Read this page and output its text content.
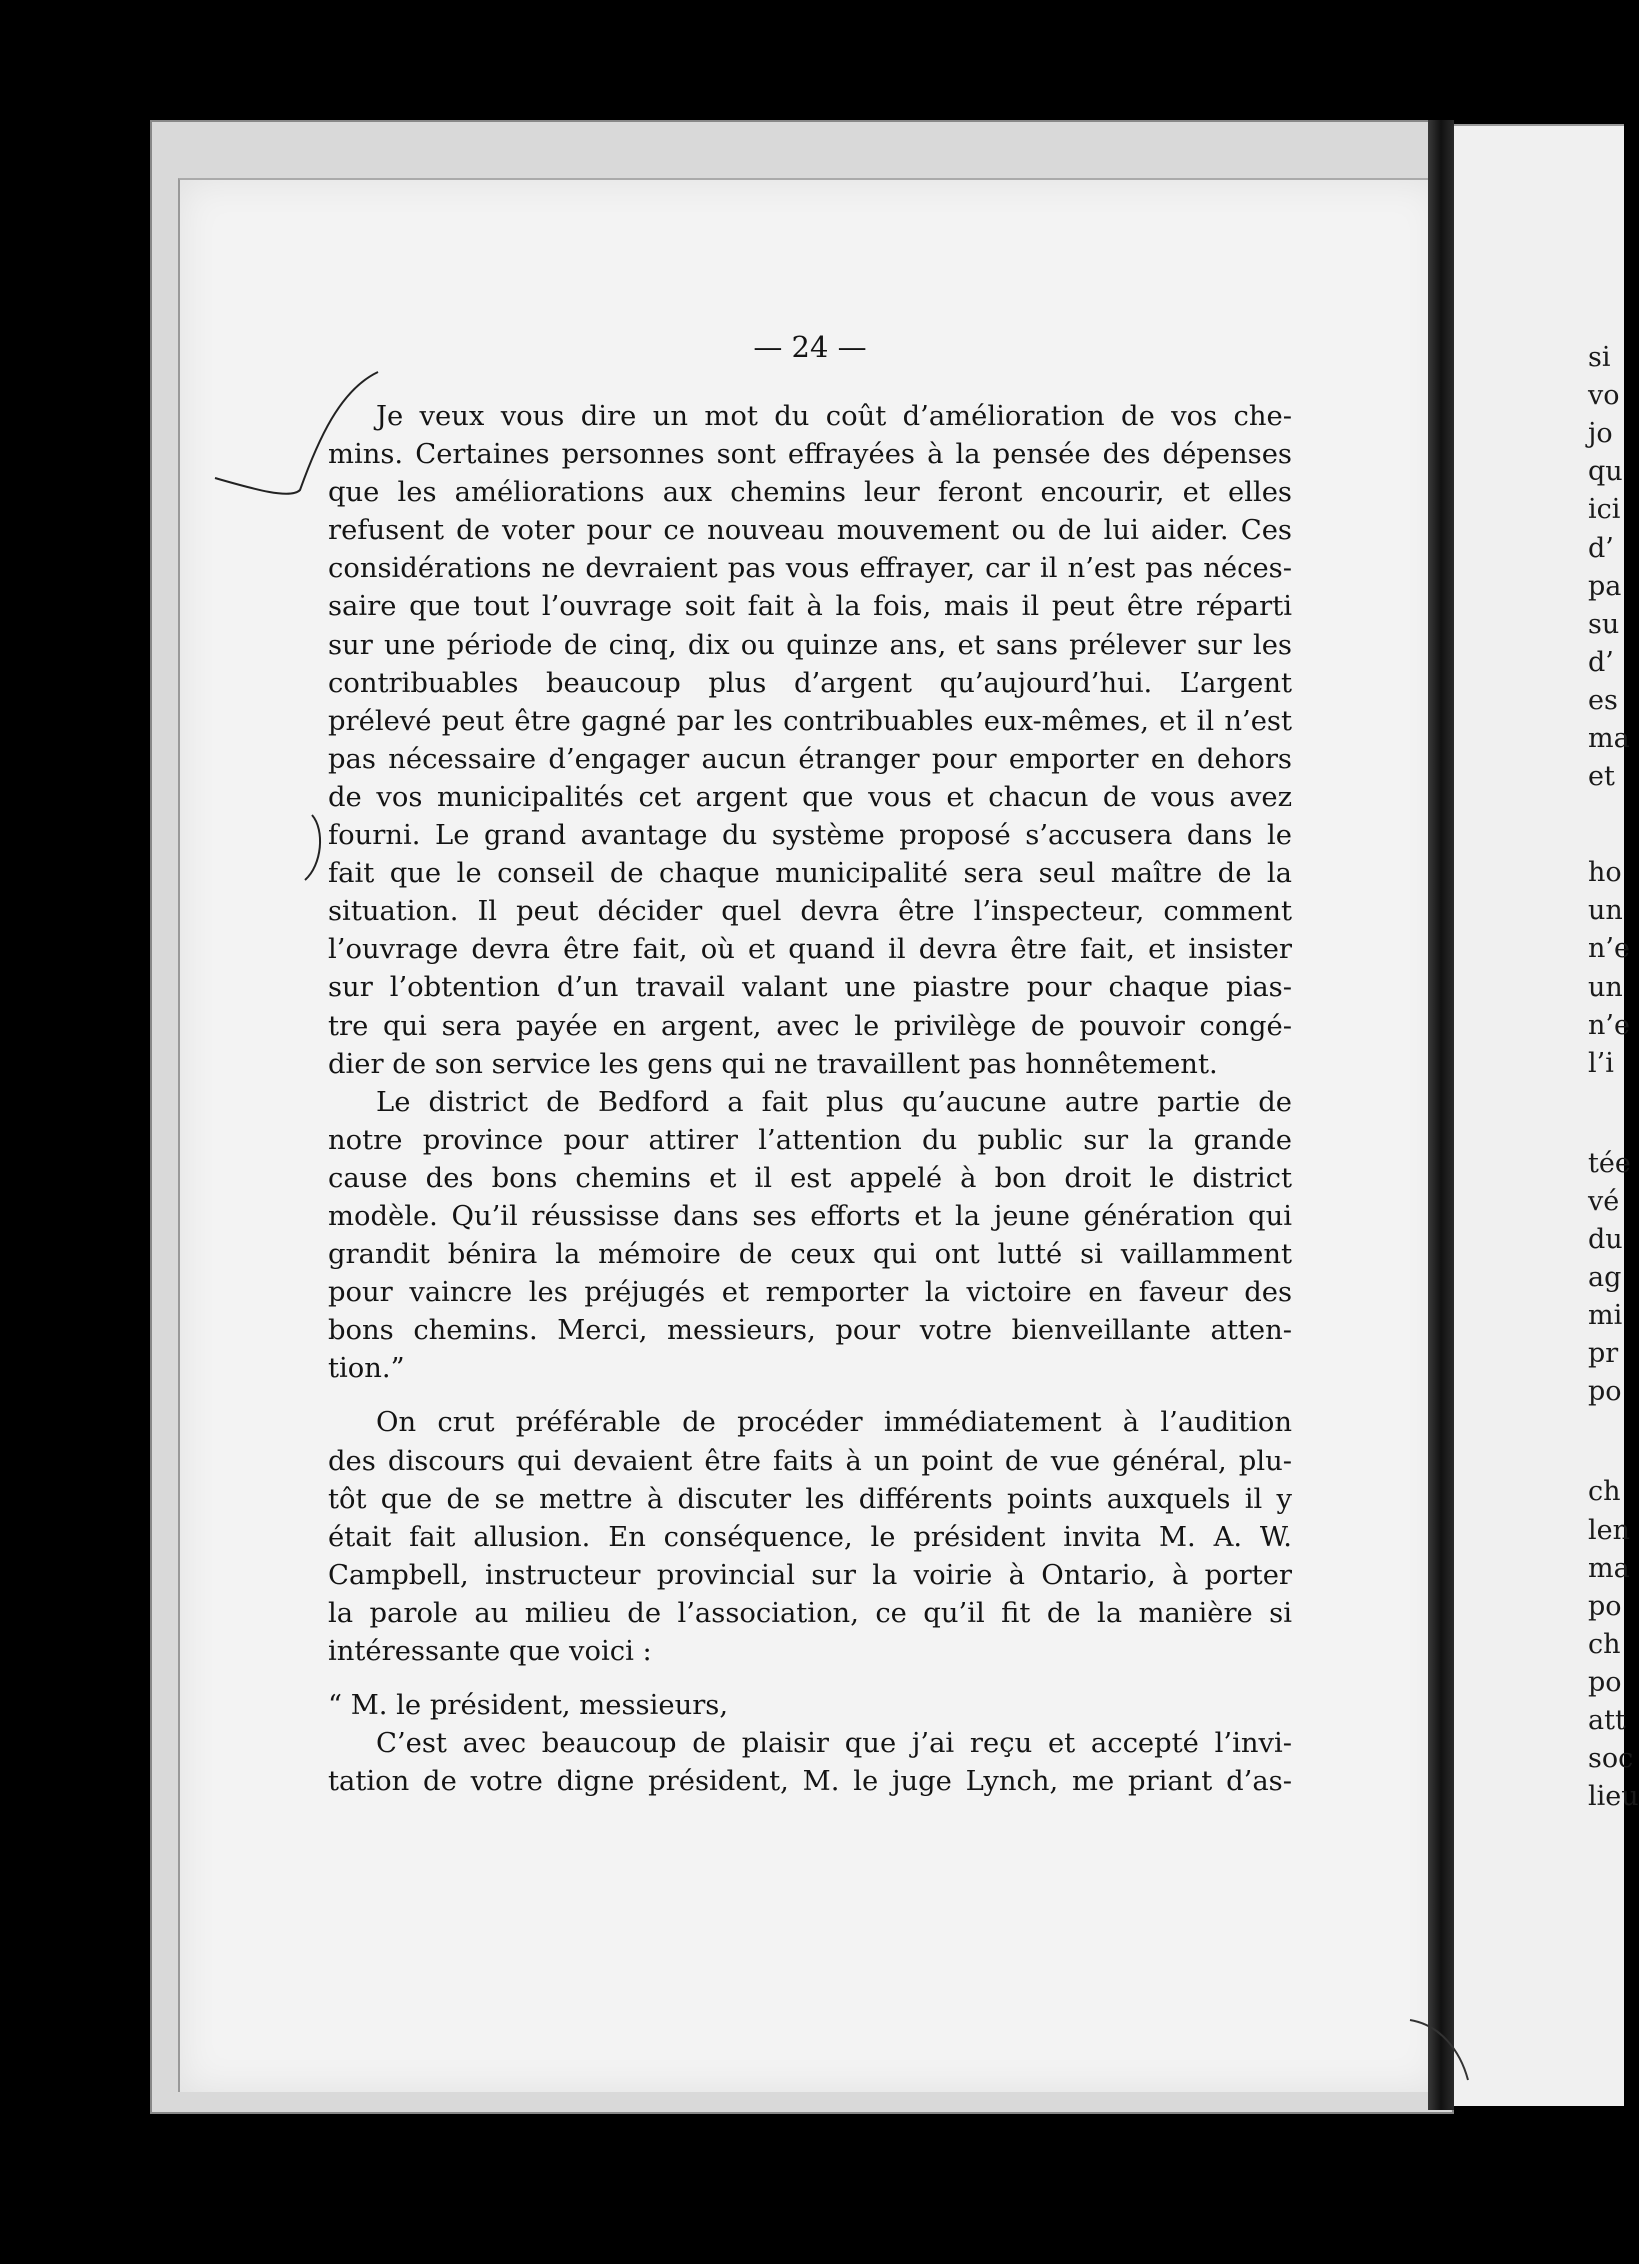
si
vo
jo
qu
ici
d’
pa
su
d’
es
ma
et
ho
un
n’e
un
n’e
l’i
tée
vé
du
ag
mi
pr
po
ch
len
ma
po
ch
po
att
soc
lieu
— 24 —
Je veux vous dire un mot du coût d’amélioration de vos che-
mins. Certaines personnes sont effrayées à la pensée des dépenses
que les améliorations aux chemins leur feront encourir, et elles
refusent de voter pour ce nouveau mouvement ou de lui aider. Ces
considérations ne devraient pas vous effrayer, car il n’est pas néces-
saire que tout l’ouvrage soit fait à la fois, mais il peut être réparti
sur une période de cinq, dix ou quinze ans, et sans prélever sur les
contribuables beaucoup plus d’argent qu’aujourd’hui. L’argent
prélevé peut être gagné par les contribuables eux-mêmes, et il n’est
pas nécessaire d’engager aucun étranger pour emporter en dehors
de vos municipalités cet argent que vous et chacun de vous avez
fourni. Le grand avantage du système proposé s’accusera dans le
fait que le conseil de chaque municipalité sera seul maître de la
situation. Il peut décider quel devra être l’inspecteur, comment
l’ouvrage devra être fait, où et quand il devra être fait, et insister
sur l’obtention d’un travail valant une piastre pour chaque pias-
tre qui sera payée en argent, avec le privilège de pouvoir congé-
dier de son service les gens qui ne travaillent pas honnêtement.
Le district de Bedford a fait plus qu’aucune autre partie de
notre province pour attirer l’attention du public sur la grande
cause des bons chemins et il est appelé à bon droit le district
modèle. Qu’il réussisse dans ses efforts et la jeune génération qui
grandit bénira la mémoire de ceux qui ont lutté si vaillamment
pour vaincre les préjugés et remporter la victoire en faveur des
bons chemins. Merci, messieurs, pour votre bienveillante atten-
tion.”
On crut préférable de procéder immédiatement à l’audition
des discours qui devaient être faits à un point de vue général, plu-
tôt que de se mettre à discuter les différents points auxquels il y
était fait allusion. En conséquence, le président invita M. A. W.
Campbell, instructeur provincial sur la voirie à Ontario, à porter
la parole au milieu de l’association, ce qu’il fit de la manière si
intéressante que voici :
“ M. le président, messieurs,
C’est avec beaucoup de plaisir que j’ai reçu et accepté l’invi-
tation de votre digne président, M. le juge Lynch, me priant d’as-
